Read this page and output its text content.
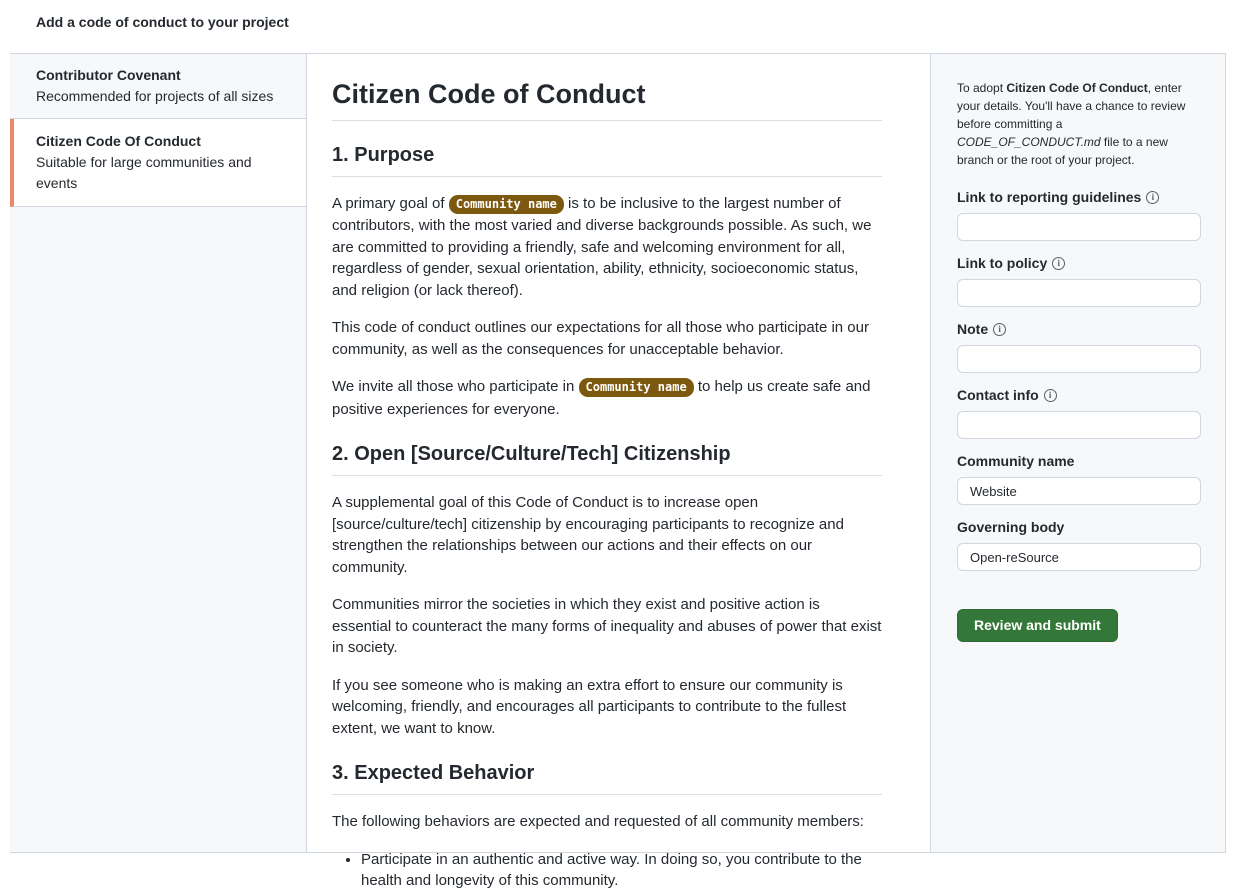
Add a code of conduct to your project
Contributor Covenant
Recommended for projects of all sizes
Citizen Code Of Conduct
Suitable for large communities and events
Citizen Code of Conduct
1. Purpose

A primary goal of Community name is to be inclusive to the largest number of contributors, with the most varied and diverse backgrounds possible. As such, we are committed to providing a friendly, safe and welcoming environment for all, regardless of gender, sexual orientation, ability, ethnicity, socioeconomic status, and religion (or lack thereof).

This code of conduct outlines our expectations for all those who participate in our community, as well as the consequences for unacceptable behavior.

We invite all those who participate in Community name to help us create safe and positive experiences for everyone.

2. Open [Source/Culture/Tech] Citizenship

A supplemental goal of this Code of Conduct is to increase open [source/culture/tech] citizenship by encouraging participants to recognize and strengthen the relationships between our actions and their effects on our community.

Communities mirror the societies in which they exist and positive action is essential to counteract the many forms of inequality and abuses of power that exist in society.

If you see someone who is making an extra effort to ensure our community is welcoming, friendly, and encourages all participants to contribute to the fullest extent, we want to know.

3. Expected Behavior

The following behaviors are expected and requested of all community members:

• Participate in an authentic and active way. In doing so, you contribute to the health and longevity of this community.

To adopt Citizen Code Of Conduct, enter your details. You'll have a chance to review before committing a CODE_OF_CONDUCT.md file to a new branch or the root of your project.

Link to reporting guidelines	i
Link to policy	i
Note	i
Contact info	i
Community name
Website
Governing body
Open-reSource
Review and submit
